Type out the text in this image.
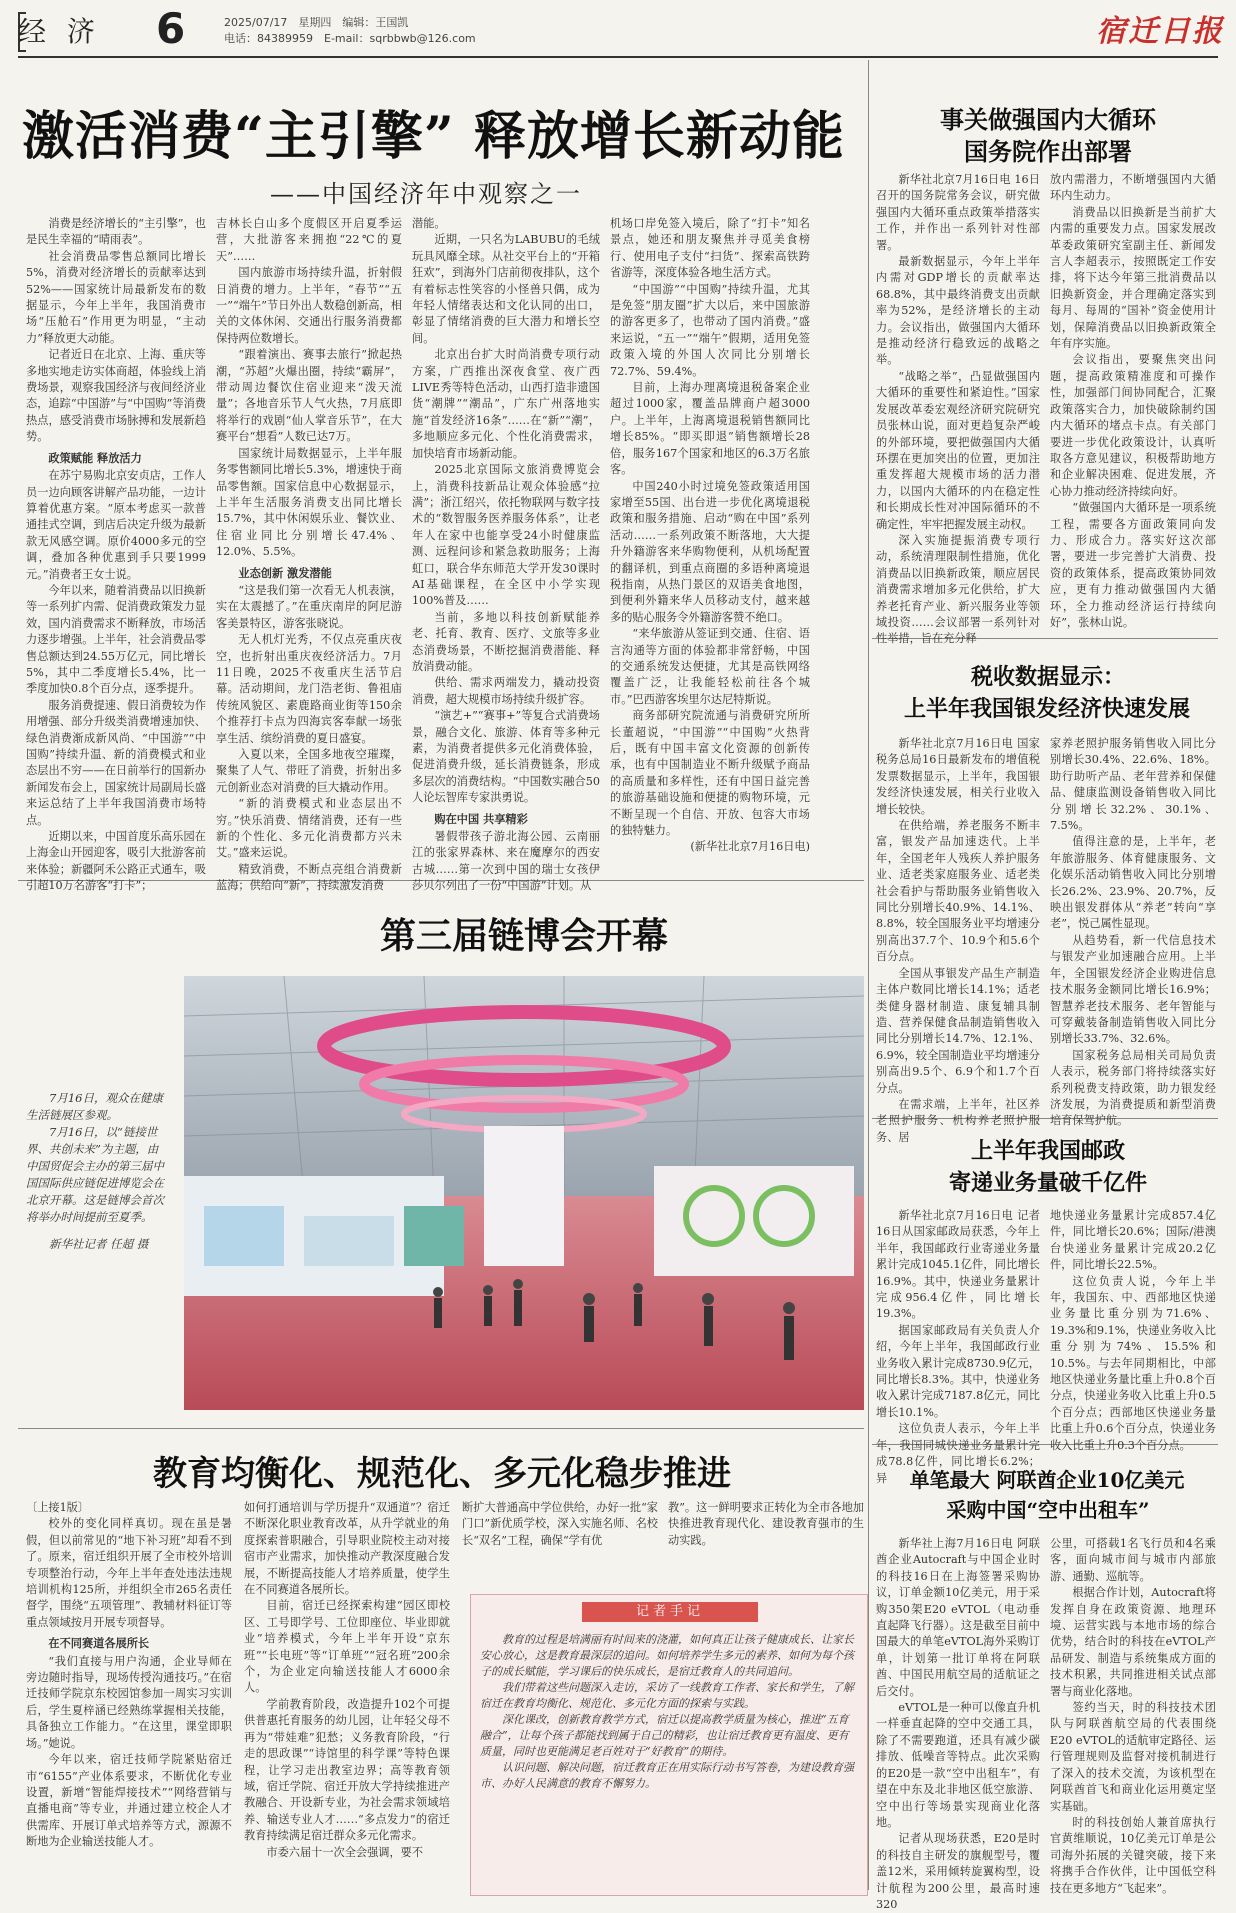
经 济 6	2025/07/17　星期四　编辑：王国凯
电话：84389959　E-mail：sqrbbwb@126.com	宿迁日报
激活消费“主引擎” 释放增长新动能
——中国经济年中观察之一

消费是经济增长的“主引擎”，也是民生幸福的“晴雨表”。

社会消费品零售总额同比增长5%，消费对经济增长的贡献率达到52%——国家统计局最新发布的数据显示，今年上半年，我国消费市场“压舱石”作用更为明显，“主动力”释放更大动能。

记者近日在北京、上海、重庆等多地实地走访实体商超，体验线上消费场景，观察我国经济与夜间经济业态，追踪“中国游”与“中国购”等消费热点，感受消费市场脉搏和发展新趋势。

政策赋能 释放活力

在苏宁易购北京安贞店，工作人员一边向顾客讲解产品功能，一边计算着优惠方案。“原本考虑买一款普通挂式空调，到店后决定升级为最新款无风感空调。原价4000多元的空调，叠加各种优惠到手只要1999元。”消费者王女士说。

今年以来，随着消费品以旧换新等一系列扩内需、促消费政策发力显效，国内消费需求不断释放，市场活力逐步增强。上半年，社会消费品零售总额达到24.55万亿元，同比增长5%，其中二季度增长5.4%，比一季度加快0.8个百分点，逐季提升。

服务消费提速、假日消费较为作用增强、部分升级类消费增速加快、绿色消费渐成新风尚、“中国游”“中国购”持续升温、新的消费模式和业态层出不穷——在日前举行的国新办新闻发布会上，国家统计局副局长盛来运总结了上半年我国消费市场特点。

近期以来，中国首度乐高乐园在上海金山开园迎客，吸引大批游客前来体验；新疆阿禾公路正式通车，吸引超10万名游客“打卡”；

吉林长白山多个度假区开启夏季运营，大批游客来拥抱“22℃的夏天”……

国内旅游市场持续升温，折射假日消费的增力。上半年，“春节”“五一”“端午”节日外出人数稳创新高，相关的文体休闲、交通出行服务消费都保持两位数增长。

“跟着演出、赛事去旅行”掀起热潮，“苏超”火爆出圈，持续“霸屏”，带动周边餐饮住宿业迎来“泼天流量”；各地音乐节人气火热，7月底即将举行的戏剧“仙人掌音乐节”，在大赛平台“想看”人数已达7万。

国家统计局数据显示，上半年服务零售额同比增长5.3%，增速快于商品零售额。国家信息中心数据显示，上半年生活服务消费支出同比增长15.7%，其中休闲娱乐业、餐饮业、住宿业同比分别增长47.4%、12.0%、5.5%。

业态创新 激发潜能

“这是我们第一次看无人机表演，实在太震撼了。”在重庆南岸的阿尼游客美景特区，游客张晓说。

无人机灯光秀，不仅点亮重庆夜空，也折射出重庆夜经济活力。7月11日晚，2025不夜重庆生活节启幕。活动期间，龙门浩老街、鲁祖庙传统风貌区、素鹿路商业街等150余个推荐打卡点为四海宾客奉献一场张享生活、缤纷消费的夏日盛宴。

入夏以来，全国多地夜空璀璨，聚集了人气、带旺了消费，折射出多元创新业态对消费的巨大撬动作用。

“新的消费模式和业态层出不穷。”快乐消费、情绪消费，还有一些新的个性化、多元化消费都方兴未艾。”盛来运说。

精致消费，不断点亮组合消费新蓝海；供给向“新”，持续激发消费

潜能。

近期，一只名为LABUBU的毛绒玩具风靡全球。从社交平台上的“开箱狂欢”，到海外门店前彻夜排队，这个有着标志性笑容的小怪兽只偶，成为年轻人情绪表达和文化认同的出口，彰显了情绪消费的巨大潜力和增长空间。

北京出台扩大时尚消费专项行动方案，广西推出深夜食堂、夜广西LIVE秀等特色活动，山西打造非遗国货“潮牌”“潮品”，广东广州落地实施“首发经济16条”……在“新”“潮”，多地顺应多元化、个性化消费需求，加快培育市场新动能。

2025北京国际文旅消费博览会上，消费科技新品让观众体验感“拉满”；浙江绍兴，依托物联网与数字技术的“数智服务医养服务体系”，让老年人在家中也能享受24小时健康监测、远程问诊和紧急救助服务；上海虹口，联合华东师范大学开发30课时AI基础课程，在全区中小学实现100%普及……

当前，多地以科技创新赋能养老、托育、教育、医疗、文旅等多业态消费场景，不断挖掘消费潜能、释放消费动能。

供给、需求两端发力，撬动投资消费，超大规模市场持续升级扩容。

“演艺+”“赛事+”等复合式消费场景，融合文化、旅游、体育等多种元素，为消费者提供多元化消费体验，促进消费升级，延长消费链条，形成多层次的消费结构。“中国数实融合50人论坛智库专家洪勇说。

购在中国 共享精彩

暑假带孩子游北海公园、云南丽江的张家界森林、来在魔摩尔的西安古城……第一次到中国的瑞士女孩伊莎贝尔列出了一份“中国游”计划。从

机场口岸免签入境后，除了“打卡”知名景点，她还和朋友聚焦并寻觅美食榜行、使用电子支付“扫货”、探索高铁跨省游等，深度体验各地生活方式。

“中国游”“中国购”持续升温，尤其是免签“朋友圈”扩大以后，来中国旅游的游客更多了，也带动了国内消费。”盛来运说，“五一”“端午”假期，适用免签政策入境的外国人次同比分别增长72.7%、59.4%。

目前，上海办理离境退税备案企业超过1000家，覆盖品牌商户超3000户。上半年，上海离境退税销售额同比增长85%。“即买即退”销售额增长28倍，服务167个国家和地区的6.3万名旅客。

中国240小时过境免签政策适用国家增至55国、出台进一步优化离境退税政策和服务措施、启动“购在中国”系列活动……一系列政策不断落地，大大提升外籍游客来华购物便利，从机场配置的翻译机，到重点商圈的多语种离境退税指南，从热门景区的双语美食地图，到便利外籍来华人员移动支付，越来越多的贴心服务令外籍游客赞不绝口。

“来华旅游从签证到交通、住宿、语言沟通等方面的体验都非常舒畅，中国的交通系统发达便捷，尤其是高铁网络覆盖广泛，让我能轻松前往各个城市。”巴西游客埃里尔达尼特斯说。

商务部研究院流通与消费研究所所长董超说，“中国游”“中国购”火热背后，既有中国丰富文化资源的创新传承，也有中国制造业不断升级赋予商品的高质量和多样性，还有中国日益完善的旅游基础设施和便捷的购物环境，元不断呈现一个自信、开放、包容大市场的独特魅力。

(新华社北京7月16日电)

事关做强国内大循环
国务院作出部署

新华社北京7月16日电 16日召开的国务院常务会议，研究做强国内大循环重点政策举措落实工作，并作出一系列针对性部署。

最新数据显示，今年上半年内需对GDP增长的贡献率达68.8%，其中最终消费支出贡献率为52%，是经济增长的主动力。会议指出，做强国内大循环是推动经济行稳致远的战略之举。

“战略之举”，凸显做强国内大循环的重要性和紧迫性。”国家发展改革委宏观经济研究院研究员张林山说，面对更趋复杂严峻的外部环境，要把做强国内大循环摆在更加突出的位置，更加注重发挥超大规模市场的活力潜力，以国内大循环的内在稳定性和长期成长性对冲国际循环的不确定性，牢牢把握发展主动权。

深入实施提振消费专项行动，系统清理限制性措施，优化消费品以旧换新政策，顺应居民消费需求增加多元化供给，扩大养老托育产业、新兴服务业等领域投资……会议部署一系列针对性举措，旨在充分释

放内需潜力，不断增强国内大循环内生动力。

消费品以旧换新是当前扩大内需的重要发力点。国家发展改革委政策研究室副主任、新闻发言人李超表示，按照既定工作安排，将下达今年第三批消费品以旧换新资金，并合理确定落实到每月、每周的“国补”资金使用计划，保障消费品以旧换新政策全年有序实施。

会议指出，要聚焦突出问题，提高政策精准度和可操作性，加强部门间协同配合，汇聚政策落实合力，加快破除制约国内大循环的堵点卡点。有关部门要进一步优化政策设计，认真听取各方意见建议，积极帮助地方和企业解决困难、促进发展，齐心协力推动经济持续向好。

“做强国内大循环是一项系统工程，需要各方面政策同向发力、形成合力。落实好这次部署，要进一步完善扩大消费、投资的政策体系，提高政策协同效应，更有力推动做强国内大循环，全力推动经济运行持续向好”，张林山说。

税收数据显示：
上半年我国银发经济快速发展

新华社北京7月16日电 国家税务总局16日最新发布的增值税发票数据显示，上半年，我国银发经济快速发展，相关行业收入增长较快。

在供给端，养老服务不断丰富，银发产品加速迭代。上半年，全国老年人残疾人养护服务业、适老类家庭服务业、适老类社会看护与帮助服务业销售收入同比分别增长40.9%、14.1%、8.8%，较全国服务业平均增速分别高出37.7个、10.9个和5.6个百分点。

全国从事银发产品生产制造主体户数同比增长14.1%；适老类健身器材制造、康复辅具制造、营养保健食品制造销售收入同比分别增长14.7%、12.1%、6.9%，较全国制造业平均增速分别高出9.5个、6.9个和1.7个百分点。

在需求端，上半年，社区养老照护服务、机构养老照护服务、居

家养老照护服务销售收入同比分别增长30.4%、22.6%、18%。助行助听产品、老年营养和保健品、健康监测设备销售收入同比分别增长32.2%、30.1%、7.5%。

值得注意的是，上半年，老年旅游服务、体育健康服务、文化娱乐活动销售收入同比分别增长26.2%、23.9%、20.7%，反映出银发群体从“养老”转向“享老”，悦己属性显现。

从趋势看，新一代信息技术与银发产业加速融合应用。上半年，全国银发经济企业购进信息技术服务金额同比增长16.9%；智慧养老技术服务、老年智能与可穿戴装备制造销售收入同比分别增长33.7%、32.6%。

国家税务总局相关司局负责人表示，税务部门将持续落实好系列税费支持政策，助力银发经济发展，为消费提质和新型消费培育保驾护航。

上半年我国邮政
寄递业务量破千亿件

新华社北京7月16日电 记者16日从国家邮政局获悉，今年上半年，我国邮政行业寄递业务量累计完成1045.1亿件，同比增长16.9%。其中，快递业务量累计完成956.4亿件，同比增长19.3%。

据国家邮政局有关负责人介绍，今年上半年，我国邮政行业业务收入累计完成8730.9亿元，同比增长8.3%。其中，快递业务收入累计完成7187.8亿元，同比增长10.1%。

这位负责人表示，今年上半年，我国同城快递业务量累计完成78.8亿件，同比增长6.2%；异

地快递业务量累计完成857.4亿件，同比增长20.6%；国际/港澳台快递业务量累计完成20.2亿件，同比增长22.5%。

这位负责人说，今年上半年，我国东、中、西部地区快递业务量比重分别为71.6%、19.3%和9.1%，快递业务收入比重分别为74%、15.5%和10.5%。与去年同期相比，中部地区快递业务量比重上升0.8个百分点，快递业务收入比重上升0.5个百分点；西部地区快递业务量比重上升0.6个百分点，快递业务收入比重上升0.3个百分点。

单笔最大 阿联酋企业10亿美元
采购中国“空中出租车”

新华社上海7月16日电 阿联酋企业Autocraft与中国企业时的科技16日在上海签署采购协议，订单金额10亿美元，用于采购350架E20 eVTOL（电动垂直起降飞行器）。这是截至目前中国最大的单笔eVTOL海外采购订单，计划第一批订单将在阿联酋、中国民用航空局的适航证之后交付。

eVTOL是一种可以像直升机一样垂直起降的空中交通工具，除了不需要跑道，还具有减少碳排放、低噪音等特点。此次采购的E20是一款“空中出租车”，有望在中东及北非地区低空旅游、空中出行等场景实现商业化落地。

记者从现场获悉，E20是时的科技自主研发的旗舰型号，覆盖12米，采用倾转旋翼构型，设计航程为200公里，最高时速320

公里，可搭载1名飞行员和4名乘客，面向城市间与城市内部旅游、通勤、巡航等。

根据合作计划，Autocraft将发挥自身在政策资源、地理环境、运营实践与本地市场的综合优势，结合时的科技在eVTOL产品研发、制造与系统集成方面的技术积累，共同推进相关试点部署与商业化落地。

签约当天，时的科技技术团队与阿联酋航空局的代表围绕E20 eVTOL的适航审定路径、运行管理规则及监督对接机制进行了深入的技术交流，为该机型在阿联酋首飞和商业化运用奠定坚实基础。

时的科技创始人兼首席执行官黄维顺说，10亿美元订单是公司海外拓展的关键突破，接下来将携手合作伙伴，让中国低空科技在更多地方“飞起来”。

第三届链博会开幕

7月16日，观众在健康生活链展区参观。

7月16日，以“链接世界、共创未来”为主题，由中国贸促会主办的第三届中国国际供应链促进博览会在北京开幕。这是链博会首次将举办时间提前至夏季。

新华社记者 任超 摄

教育均衡化、规范化、多元化稳步推进

〔上接1版〕

校外的变化同样真切。现在虽是暑假，但以前常见的“地下补习班”却看不到了。原来，宿迁组织开展了全市校外培训专项整治行动，今年上半年查处违法违规培训机构125所，并组织全市265名责任督学，围绕“五项管理”、教辅材料征订等重点领域按月开展专项督导。

在不同赛道各展所长

“我们直接与用户沟通，企业导师在旁边随时指导，现场传授沟通技巧。”在宿迁技师学院京东校园馆参加一周实习实训后，学生夏梓涵已经熟练掌握相关技能，具备独立工作能力。“在这里，课堂即职场。”她说。

今年以来，宿迁技师学院紧贴宿迁市“6155”产业体系要求，不断优化专业设置，新增“智能焊接技术”“网络营销与直播电商”等专业，并通过建立校企人才供需库、开展订单式培养等方式，源源不断地为企业输送技能人才。

如何打通培训与学历提升“双通道”？宿迁不断深化职业教育改革，从升学就业的角度探索普职融合，引导职业院校主动对接宿市产业需求，加快推动产教深度融合发展，不断提高技能人才培养质量，使学生在不同赛道各展所长。

目前，宿迁已经探索构建“园区即校区、工号即学号、工位即座位、毕业即就业”培养模式，今年上半年开设“京东班”“长电班”等“订单班”“冠名班”200余个，为企业定向输送技能人才6000余人。

学前教育阶段，改造提升102个可提供普惠托育服务的幼儿园，让年轻父母不再为“带娃难”犯愁；义务教育阶段，“行走的思政课”“诗馆里的科学课”等特色课程，让学习走出教室边界；高等教育领域，宿迁学院、宿迁开放大学持续推进产教融合、开设新专业，为社会需求领域培养、输送专业人才……“多点发力”的宿迁教育持续满足宿迁群众多元化需求。

市委六届十一次全会强调，要不

断扩大普通高中学位供给，办好一批“家门口”新优质学校，深入实施名师、名校长“双名”工程，确保“学有优

教”。这一鲜明要求正转化为全市各地加快推进教育现代化、建设教育强市的生动实践。

记者手记

教育的过程是培满丽有时间来的浇灌，如何真正让孩子健康成长、让家长安心放心，这是教育最深层的追问。如何培养学生多元的素养、如何为每个孩子的成长赋能，学习课后的快乐成长，是宿迁教育人的共同追问。

我们带着这些问题深入走访，采访了一线教育工作者、家长和学生，了解宿迁在教育均衡化、规范化、多元化方面的探索与实践。

深化课改，创新教育教学方式，宿迁以提高教学质量为核心，推进“五育融合”，让每个孩子都能找到属于自己的精彩，也让宿迁教育更有温度、更有质量，同时也更能满足老百姓对于“好教育”的期待。

认识问题、解决问题，宿迁教育正在用实际行动书写答卷，为建设教育强市、办好人民满意的教育不懈努力。
